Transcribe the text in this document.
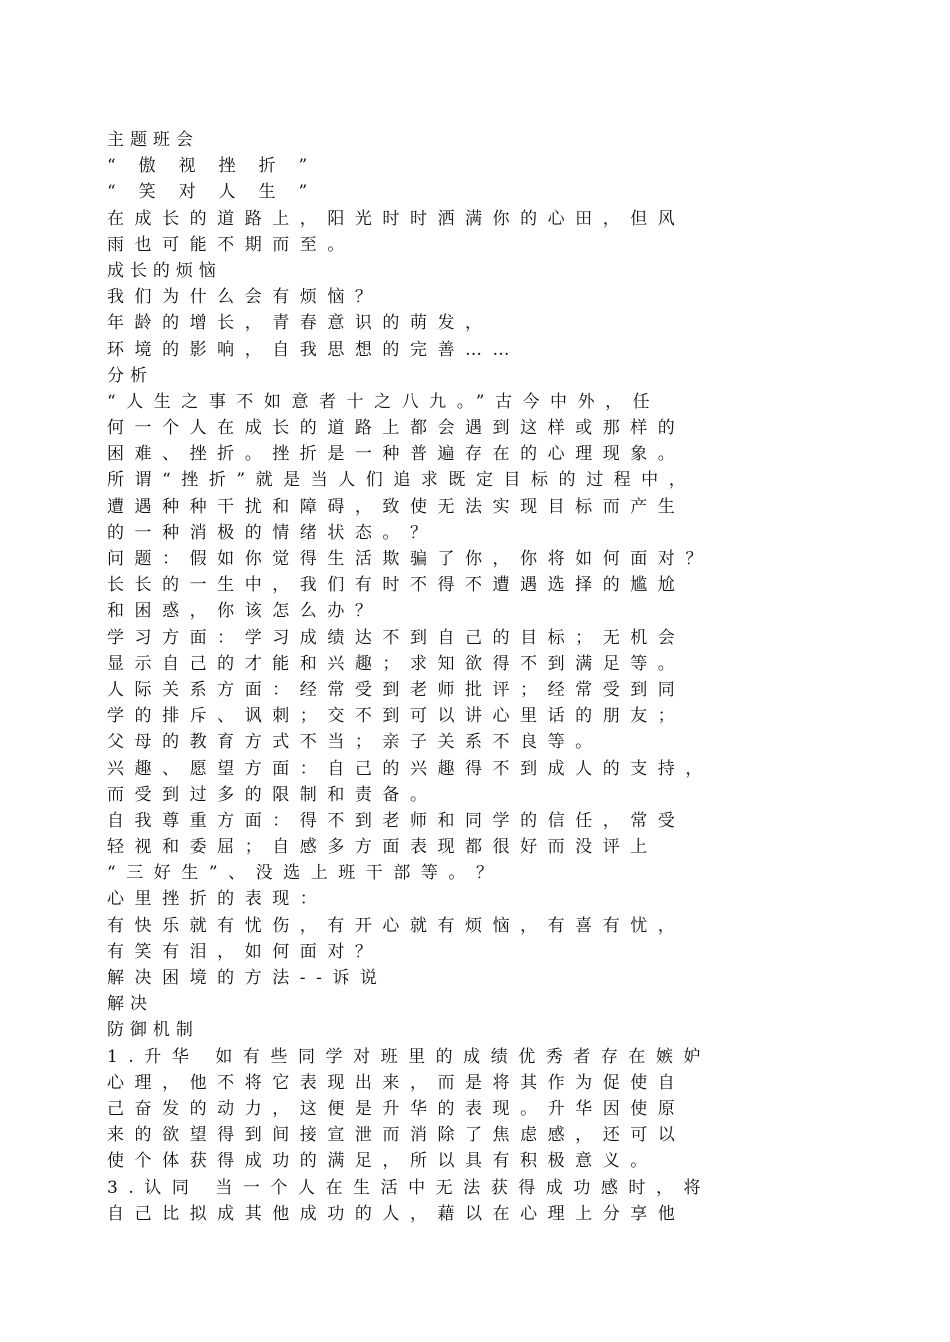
主题班会
“傲视挫折”
“笑对人生”
在成长的道路上，阳光时时洒满你的心田，但风
雨也可能不期而至。
成长的烦恼
我们为什么会有烦恼？
年龄的增长，青春意识的萌发，
环境的影响，自我思想的完善……
分析
“人生之事不如意者十之八九。”古今中外，任
何一个人在成长的道路上都会遇到这样或那样的
困难、挫折。挫折是一种普遍存在的心理现象。
所谓“挫折”就是当人们追求既定目标的过程中，
遭遇种种干扰和障碍，致使无法实现目标而产生
的一种消极的情绪状态。？
问题：假如你觉得生活欺骗了你，你将如何面对？
长长的一生中，我们有时不得不遭遇选择的尴尬
和困惑，你该怎么办？
学习方面：学习成绩达不到自己的目标；无机会
显示自己的才能和兴趣；求知欲得不到满足等。
人际关系方面：经常受到老师批评；经常受到同
学的排斥、讽刺；交不到可以讲心里话的朋友；
父母的教育方式不当；亲子关系不良等。
兴趣、愿望方面：自己的兴趣得不到成人的支持，
而受到过多的限制和责备。
自我尊重方面：得不到老师和同学的信任，常受
轻视和委屈；自感多方面表现都很好而没评上
“三好生”、没选上班干部等。？
心里挫折的表现：
有快乐就有忧伤，有开心就有烦恼，有喜有忧，
有笑有泪，如何面对？
解决困境的方法--诉说
解决
防御机制
1.升华 如有些同学对班里的成绩优秀者存在嫉妒
心理，他不将它表现出来，而是将其作为促使自
己奋发的动力，这便是升华的表现。升华因使原
来的欲望得到间接宣泄而消除了焦虑感，还可以
使个体获得成功的满足，所以具有积极意义。
3.认同 当一个人在生活中无法获得成功感时，将
自己比拟成其他成功的人，藉以在心理上分享他
